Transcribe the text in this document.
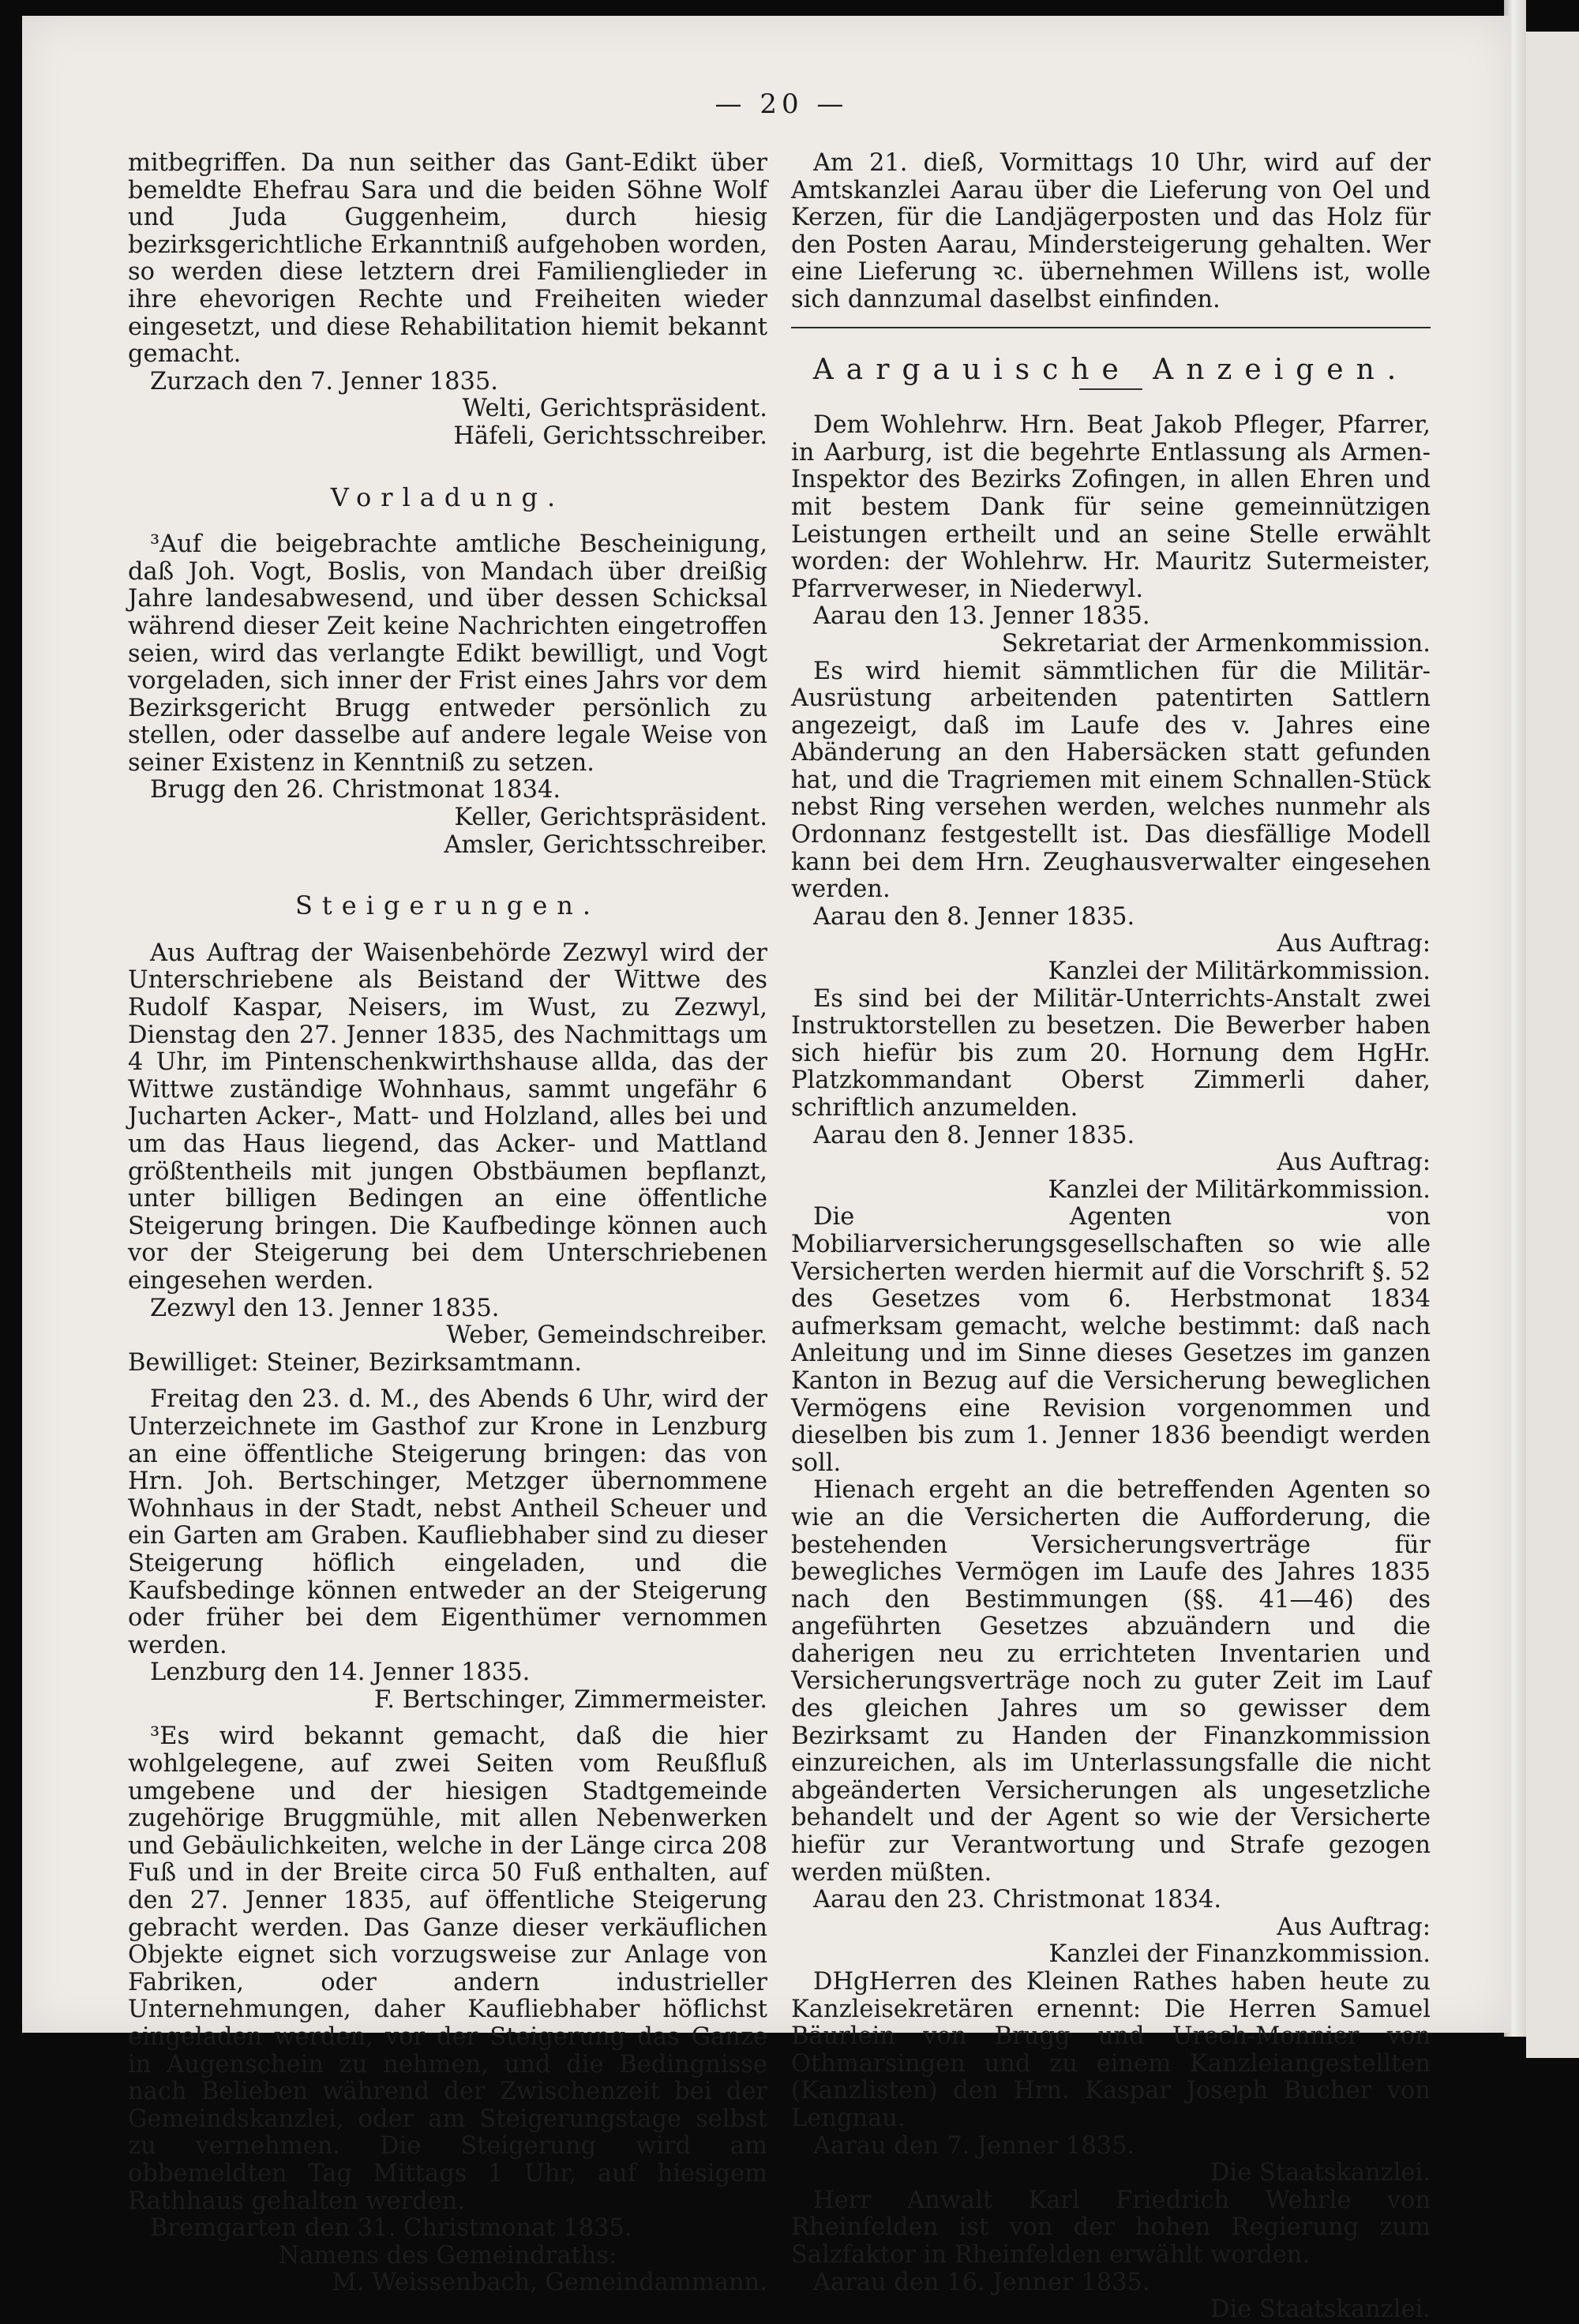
— 20 —

mitbegriffen. Da nun seither das Gant-Edikt über bemeldte Ehefrau Sara und die beiden Söhne Wolf und Juda Guggenheim, durch hiesig bezirksgerichtliche Erkanntniß aufgehoben worden, so werden diese letztern drei Familienglieder in ihre ehevorigen Rechte und Freiheiten wieder eingesetzt, und diese Rehabilitation hiemit bekannt gemacht.

Zurzach den 7. Jenner 1835.

Welti, Gerichtspräsident.

Häfeli, Gerichtsschreiber.

Vorladung.

³Auf die beigebrachte amtliche Bescheinigung, daß Joh. Vogt, Boslis, von Mandach über dreißig Jahre landesabwesend, und über dessen Schicksal während dieser Zeit keine Nachrichten eingetroffen seien, wird das verlangte Edikt bewilligt, und Vogt vorgeladen, sich inner der Frist eines Jahrs vor dem Bezirksgericht Brugg entweder persönlich zu stellen, oder dasselbe auf andere legale Weise von seiner Existenz in Kenntniß zu setzen.

Brugg den 26. Christmonat 1834.

Keller, Gerichtspräsident.

Amsler, Gerichtsschreiber.

Steigerungen.

Aus Auftrag der Waisenbehörde Zezwyl wird der Unterschriebene als Beistand der Wittwe des Rudolf Kaspar, Neisers, im Wust, zu Zezwyl, Dienstag den 27. Jenner 1835, des Nachmittags um 4 Uhr, im Pintenschenkwirthshause allda, das der Wittwe zuständige Wohnhaus, sammt ungefähr 6 Jucharten Acker-, Matt- und Holzland, alles bei und um das Haus liegend, das Acker- und Mattland größtentheils mit jungen Obstbäumen bepflanzt, unter billigen Bedingen an eine öffentliche Steigerung bringen. Die Kaufbedinge können auch vor der Steigerung bei dem Unterschriebenen eingesehen werden.

Zezwyl den 13. Jenner 1835.

Weber, Gemeindschreiber.

Bewilliget: Steiner, Bezirksamtmann.

Freitag den 23. d. M., des Abends 6 Uhr, wird der Unterzeichnete im Gasthof zur Krone in Lenzburg an eine öffentliche Steigerung bringen: das von Hrn. Joh. Bertschinger, Metzger übernommene Wohnhaus in der Stadt, nebst Antheil Scheuer und ein Garten am Graben. Kaufliebhaber sind zu dieser Steigerung höflich eingeladen, und die Kaufsbedinge können entweder an der Steigerung oder früher bei dem Eigenthümer vernommen werden.

Lenzburg den 14. Jenner 1835.

F. Bertschinger, Zimmermeister.

³Es wird bekannt gemacht, daß die hier wohlgelegene, auf zwei Seiten vom Reußfluß umgebene und der hiesigen Stadtgemeinde zugehörige Bruggmühle, mit allen Nebenwerken und Gebäulichkeiten, welche in der Länge circa 208 Fuß und in der Breite circa 50 Fuß enthalten, auf den 27. Jenner 1835, auf öffentliche Steigerung gebracht werden. Das Ganze dieser verkäuflichen Objekte eignet sich vorzugsweise zur Anlage von Fabriken, oder andern industrieller Unternehmungen, daher Kaufliebhaber höflichst eingeladen werden, vor der Steigerung das Ganze in Augenschein zu nehmen, und die Bedingnisse nach Belieben während der Zwischenzeit bei der Gemeindskanzlei, oder am Steigerungstage selbst zu vernehmen. Die Steigerung wird am obbemeldten Tag Mittags 1 Uhr, auf hiesigem Rathhaus gehalten werden.

Bremgarten den 31. Christmonat 1835.

Namens des Gemeindraths:

M. Weissenbach, Gemeindammann.

Am 21. dieß, Vormittags 10 Uhr, wird auf der Amtskanzlei Aarau über die Lieferung von Oel und Kerzen, für die Landjägerposten und das Holz für den Posten Aarau, Mindersteigerung gehalten. Wer eine Lieferung ꝛc. übernehmen Willens ist, wolle sich dannzumal daselbst einfinden.

Aargauische Anzeigen.

Dem Wohlehrw. Hrn. Beat Jakob Pfleger, Pfarrer, in Aarburg, ist die begehrte Entlassung als Armen-Inspektor des Bezirks Zofingen, in allen Ehren und mit bestem Dank für seine gemeinnützigen Leistungen ertheilt und an seine Stelle erwählt worden: der Wohlehrw. Hr. Mauritz Sutermeister, Pfarrverweser, in Niederwyl.

Aarau den 13. Jenner 1835.

Sekretariat der Armenkommission.

Es wird hiemit sämmtlichen für die Militär-Ausrüstung arbeitenden patentirten Sattlern angezeigt, daß im Laufe des v. Jahres eine Abänderung an den Habersäcken statt gefunden hat, und die Tragriemen mit einem Schnallen-Stück nebst Ring versehen werden, welches nunmehr als Ordonnanz festgestellt ist. Das diesfällige Modell kann bei dem Hrn. Zeughausverwalter eingesehen werden.

Aarau den 8. Jenner 1835.

Aus Auftrag:

Kanzlei der Militärkommission.

Es sind bei der Militär-Unterrichts-Anstalt zwei Instruktorstellen zu besetzen. Die Bewerber haben sich hiefür bis zum 20. Hornung dem HgHr. Platzkommandant Oberst Zimmerli daher, schriftlich anzumelden.

Aarau den 8. Jenner 1835.

Aus Auftrag:

Kanzlei der Militärkommission.

Die Agenten von Mobiliarversicherungsgesellschaften so wie alle Versicherten werden hiermit auf die Vorschrift §. 52 des Gesetzes vom 6. Herbstmonat 1834 aufmerksam gemacht, welche bestimmt: daß nach Anleitung und im Sinne dieses Gesetzes im ganzen Kanton in Bezug auf die Versicherung beweglichen Vermögens eine Revision vorgenommen und dieselben bis zum 1. Jenner 1836 beendigt werden soll.

Hienach ergeht an die betreffenden Agenten so wie an die Versicherten die Aufforderung, die bestehenden Versicherungsverträge für bewegliches Vermögen im Laufe des Jahres 1835 nach den Bestimmungen (§§. 41—46) des angeführten Gesetzes abzuändern und die daherigen neu zu errichteten Inventarien und Versicherungsverträge noch zu guter Zeit im Lauf des gleichen Jahres um so gewisser dem Bezirksamt zu Handen der Finanzkommission einzureichen, als im Unterlassungsfalle die nicht abgeänderten Versicherungen als ungesetzliche behandelt und der Agent so wie der Versicherte hiefür zur Verantwortung und Strafe gezogen werden müßten.

Aarau den 23. Christmonat 1834.

Aus Auftrag:

Kanzlei der Finanzkommission.

DHgHerren des Kleinen Rathes haben heute zu Kanzleisekretären ernennt: Die Herren Samuel Bäurlein von Brugg und Urech-Monnier von Othmarsingen und zu einem Kanzleiangestellten (Kanzlisten) den Hrn. Kaspar Joseph Bucher von Lengnau.

Aarau den 7. Jenner 1835.

Die Staatskanzlei.

Herr Anwalt Karl Friedrich Wehrle von Rheinfelden ist von der hohen Regierung zum Salzfaktor in Rheinfelden erwählt worden.

Aarau den 16. Jenner 1835.

Die Staatskanzlei.
